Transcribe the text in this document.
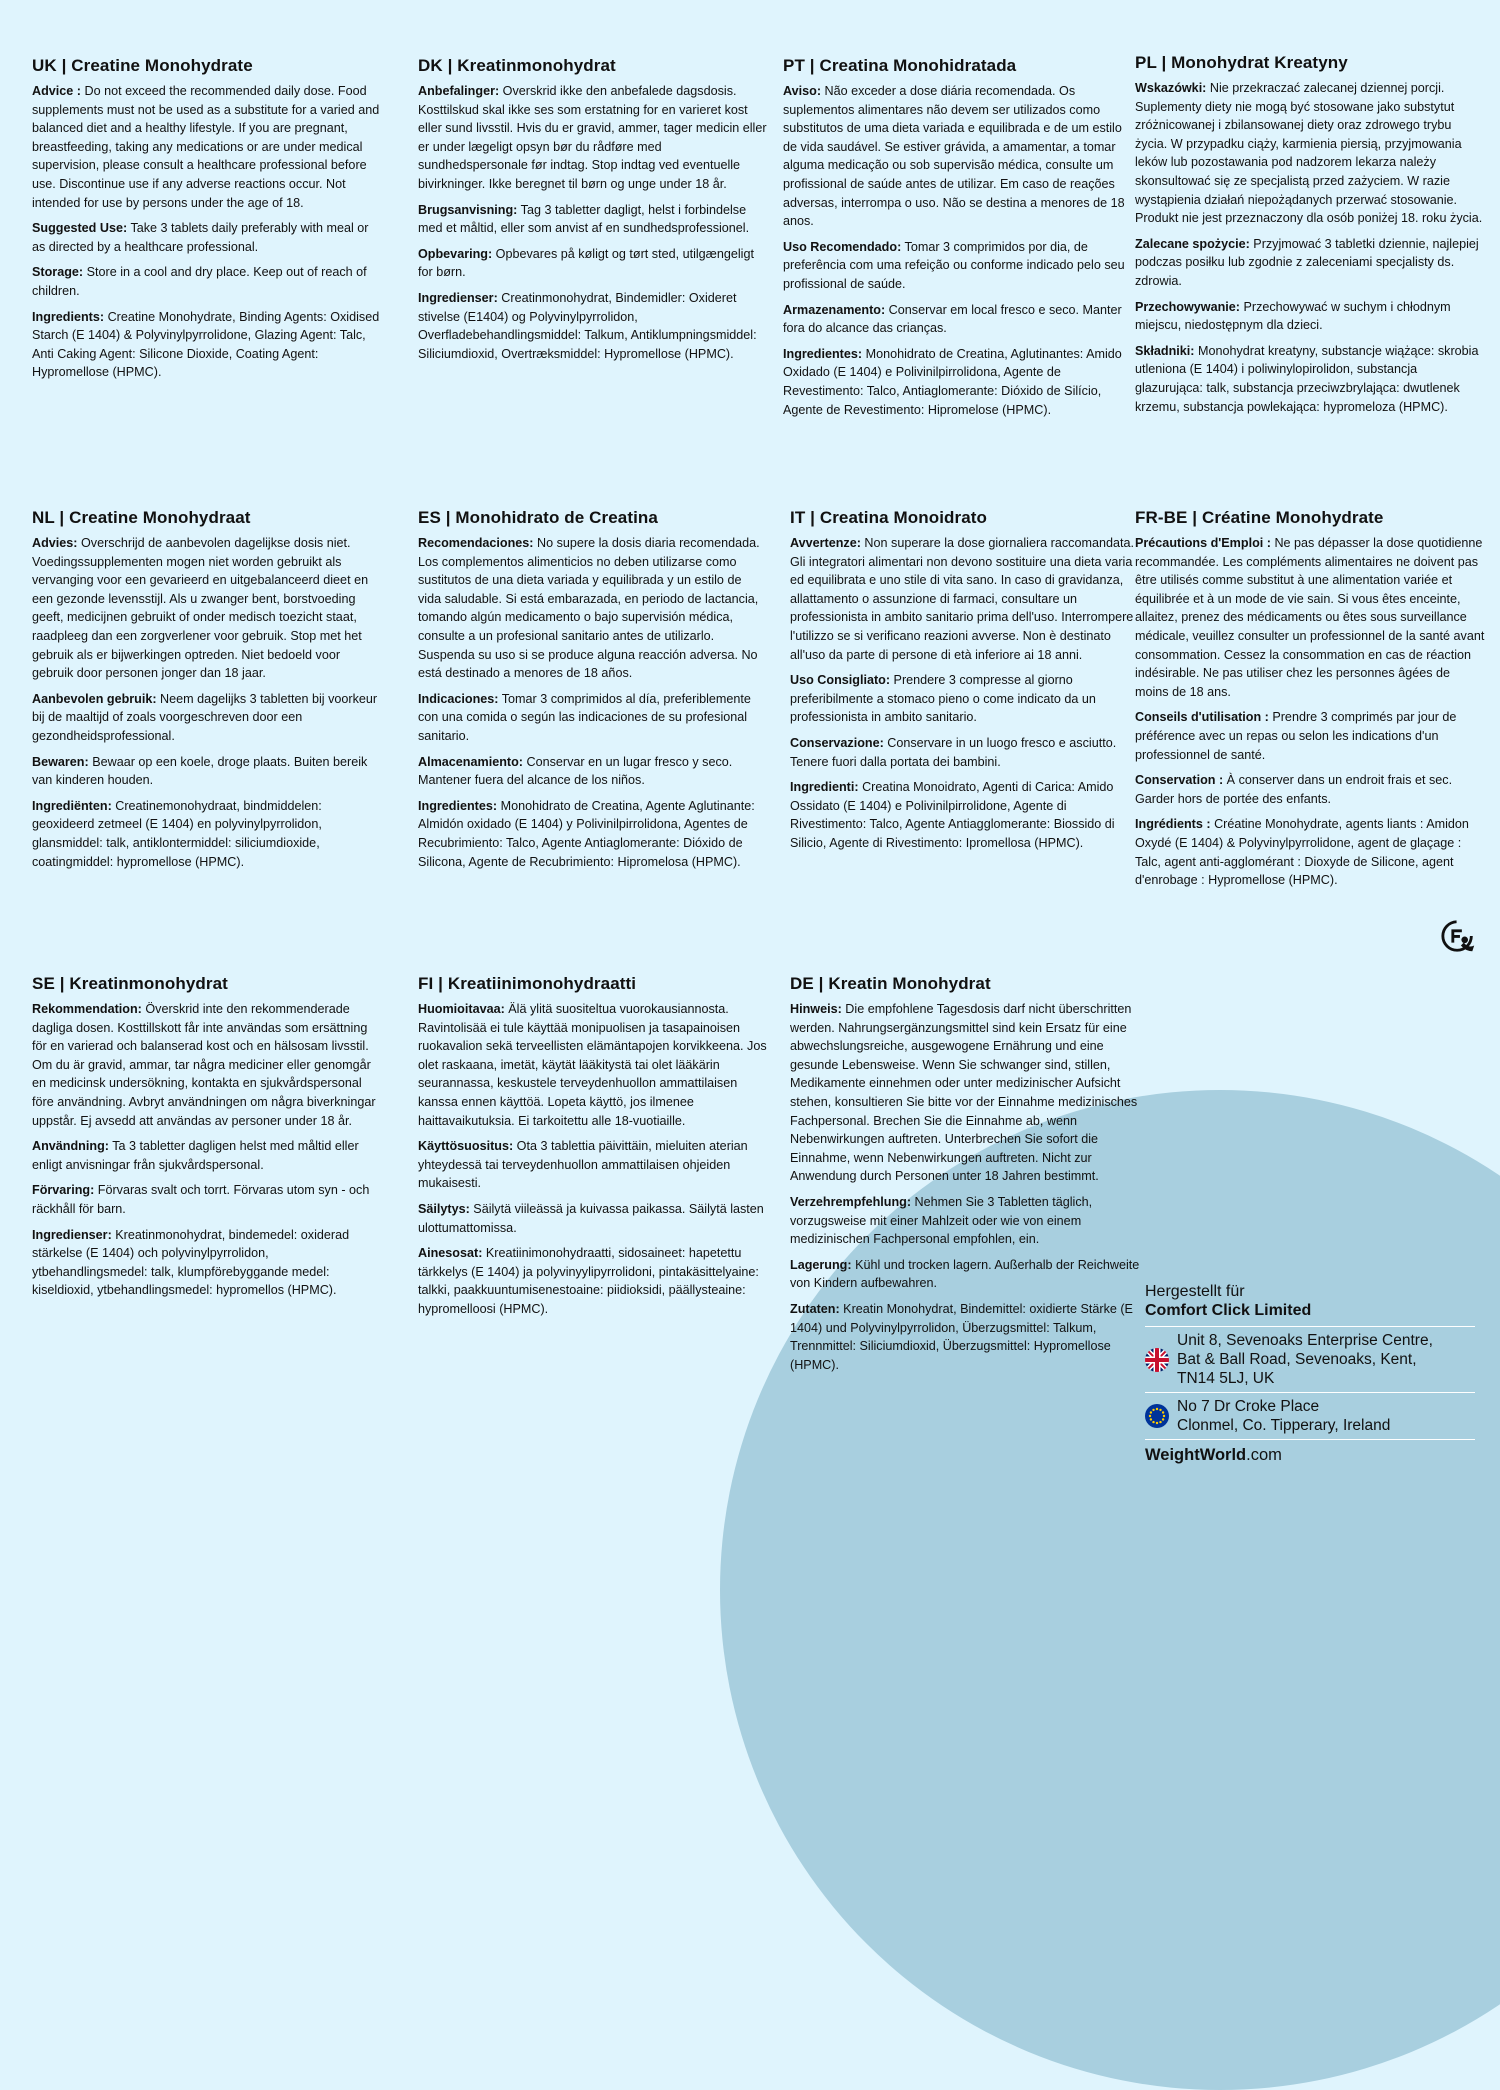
UK | Creatine Monohydrate

Advice : Do not exceed the recommended daily dose. Food supplements must not be used as a substitute for a varied and balanced diet and a healthy lifestyle. If you are pregnant, breastfeeding, taking any medications or are under medical supervision, please consult a healthcare professional before use. Discontinue use if any adverse reactions occur. Not intended for use by persons under the age of 18.

Suggested Use: Take 3 tablets daily preferably with meal or as directed by a healthcare professional.

Storage: Store in a cool and dry place. Keep out of reach of children.

Ingredients: Creatine Monohydrate, Binding Agents: Oxidised Starch (E 1404) & Polyvinylpyrrolidone, Glazing Agent: Talc, Anti Caking Agent: Silicone Dioxide, Coating Agent: Hypromellose (HPMC).

DK | Kreatinmonohydrat

Anbefalinger: Overskrid ikke den anbefalede dagsdosis. Kosttilskud skal ikke ses som erstatning for en varieret kost eller sund livsstil. Hvis du er gravid, ammer, tager medicin eller er under lægeligt opsyn bør du rådføre med sundhedspersonale før indtag. Stop indtag ved eventuelle bivirkninger. Ikke beregnet til børn og unge under 18 år.

Brugsanvisning: Tag 3 tabletter dagligt, helst i forbindelse med et måltid, eller som anvist af en sundhedsprofessionel.

Opbevaring: Opbevares på køligt og tørt sted, utilgængeligt for børn.

Ingredienser: Creatinmonohydrat, Bindemidler: Oxideret stivelse (E1404) og Polyvinylpyrrolidon, Overfladebehandlingsmiddel: Talkum, Antiklumpningsmiddel: Siliciumdioxid, Overtræksmiddel: Hypromellose (HPMC).

PT | Creatina Monohidratada

Aviso: Não exceder a dose diária recomendada. Os suplementos alimentares não devem ser utilizados como substitutos de uma dieta variada e equilibrada e de um estilo de vida saudável. Se estiver grávida, a amamentar, a tomar alguma medicação ou sob supervisão médica, consulte um profissional de saúde antes de utilizar. Em caso de reações adversas, interrompa o uso. Não se destina a menores de 18 anos.

Uso Recomendado: Tomar 3 comprimidos por dia, de preferência com uma refeição ou conforme indicado pelo seu profissional de saúde.

Armazenamento: Conservar em local fresco e seco. Manter fora do alcance das crianças.

Ingredientes: Monohidrato de Creatina, Aglutinantes: Amido Oxidado (E 1404) e Polivinilpirrolidona, Agente de Revestimento: Talco, Antiaglomerante: Dióxido de Silício, Agente de Revestimento: Hipromelose (HPMC).

PL | Monohydrat Kreatyny

Wskazówki: Nie przekraczać zalecanej dziennej porcji. Suplementy diety nie mogą być stosowane jako substytut zróżnicowanej i zbilansowanej diety oraz zdrowego trybu życia. W przypadku ciąży, karmienia piersią, przyjmowania leków lub pozostawania pod nadzorem lekarza należy skonsultować się ze specjalistą przed zażyciem. W razie wystąpienia działań niepożądanych przerwać stosowanie. Produkt nie jest przeznaczony dla osób poniżej 18. roku życia.

Zalecane spożycie: Przyjmować 3 tabletki dziennie, najlepiej podczas posiłku lub zgodnie z zaleceniami specjalisty ds. zdrowia.

Przechowywanie: Przechowywać w suchym i chłodnym miejscu, niedostępnym dla dzieci.

Składniki: Monohydrat kreatyny, substancje wiążące: skrobia utleniona (E 1404) i poliwinylopirolidon, substancja glazurująca: talk, substancja przeciwzbrylająca: dwutlenek krzemu, substancja powlekająca: hypromeloza (HPMC).

NL | Creatine Monohydraat

Advies: Overschrijd de aanbevolen dagelijkse dosis niet. Voedingssupplementen mogen niet worden gebruikt als vervanging voor een gevarieerd en uitgebalanceerd dieet en een gezonde levensstijl. Als u zwanger bent, borstvoeding geeft, medicijnen gebruikt of onder medisch toezicht staat, raadpleeg dan een zorgverlener voor gebruik. Stop met het gebruik als er bijwerkingen optreden. Niet bedoeld voor gebruik door personen jonger dan 18 jaar.

Aanbevolen gebruik: Neem dagelijks 3 tabletten bij voorkeur bij de maaltijd of zoals voorgeschreven door een gezondheidsprofessional.

Bewaren: Bewaar op een koele, droge plaats. Buiten bereik van kinderen houden.

Ingrediënten: Creatinemonohydraat, bindmiddelen: geoxideerd zetmeel (E 1404) en polyvinylpyrrolidon, glansmiddel: talk, antiklontermiddel: siliciumdioxide, coatingmiddel: hypromellose (HPMC).

ES | Monohidrato de Creatina

Recomendaciones: No supere la dosis diaria recomendada. Los complementos alimenticios no deben utilizarse como sustitutos de una dieta variada y equilibrada y un estilo de vida saludable. Si está embarazada, en periodo de lactancia, tomando algún medicamento o bajo supervisión médica, consulte a un profesional sanitario antes de utilizarlo. Suspenda su uso si se produce alguna reacción adversa. No está destinado a menores de 18 años.

Indicaciones: Tomar 3 comprimidos al día, preferiblemente con una comida o según las indicaciones de su profesional sanitario.

Almacenamiento: Conservar en un lugar fresco y seco. Mantener fuera del alcance de los niños.

Ingredientes: Monohidrato de Creatina, Agente Aglutinante: Almidón oxidado (E 1404) y Polivinilpirrolidona, Agentes de Recubrimiento: Talco, Agente Antiaglomerante: Dióxido de Silicona, Agente de Recubrimiento: Hipromelosa (HPMC).

IT | Creatina Monoidrato

Avvertenze: Non superare la dose giornaliera raccomandata. Gli integratori alimentari non devono sostituire una dieta varia ed equilibrata e uno stile di vita sano. In caso di gravidanza, allattamento o assunzione di farmaci, consultare un professionista in ambito sanitario prima dell'uso. Interrompere l'utilizzo se si verificano reazioni avverse. Non è destinato all'uso da parte di persone di età inferiore ai 18 anni.

Uso Consigliato: Prendere 3 compresse al giorno preferibilmente a stomaco pieno o come indicato da un professionista in ambito sanitario.

Conservazione: Conservare in un luogo fresco e asciutto. Tenere fuori dalla portata dei bambini.

Ingredienti: Creatina Monoidrato, Agenti di Carica: Amido Ossidato (E 1404) e Polivinilpirrolidone, Agente di Rivestimento: Talco, Agente Antiagglomerante: Biossido di Silicio, Agente di Rivestimento: Ipromellosa (HPMC).

FR-BE | Créatine Monohydrate

Précautions d'Emploi : Ne pas dépasser la dose quotidienne recommandée. Les compléments alimentaires ne doivent pas être utilisés comme substitut à une alimentation variée et équilibrée et à un mode de vie sain. Si vous êtes enceinte, allaitez, prenez des médicaments ou êtes sous surveillance médicale, veuillez consulter un professionnel de la santé avant consommation. Cessez la consommation en cas de réaction indésirable. Ne pas utiliser chez les personnes âgées de moins de 18 ans.

Conseils d'utilisation : Prendre 3 comprimés par jour de préférence avec un repas ou selon les indications d'un professionnel de santé.

Conservation : À conserver dans un endroit frais et sec. Garder hors de portée des enfants.

Ingrédients : Créatine Monohydrate, agents liants : Amidon Oxydé (E 1404) & Polyvinylpyrrolidone, agent de glaçage : Talc, agent anti-agglomérant : Dioxyde de Silicone, agent d'enrobage : Hypromellose (HPMC).

SE | Kreatinmonohydrat

Rekommendation: Överskrid inte den rekommenderade dagliga dosen. Kosttillskott får inte användas som ersättning för en varierad och balanserad kost och en hälsosam livsstil. Om du är gravid, ammar, tar några mediciner eller genomgår en medicinsk undersökning, kontakta en sjukvårdspersonal före användning. Avbryt användningen om några biverkningar uppstår. Ej avsedd att användas av personer under 18 år.

Användning: Ta 3 tabletter dagligen helst med måltid eller enligt anvisningar från sjukvårdspersonal.

Förvaring: Förvaras svalt och torrt. Förvaras utom syn - och räckhåll för barn.

Ingredienser: Kreatinmonohydrat, bindemedel: oxiderad stärkelse (E 1404) och polyvinylpyrrolidon, ytbehandlingsmedel: talk, klumpförebyggande medel: kiseldioxid, ytbehandlingsmedel: hypromellos (HPMC).

FI | Kreatiinimonohydraatti

Huomioitavaa: Älä ylitä suositeltua vuorokausiannosta. Ravintolisää ei tule käyttää monipuolisen ja tasapainoisen ruokavalion sekä terveellisten elämäntapojen korvikkeena. Jos olet raskaana, imetät, käytät lääkitystä tai olet lääkärin seurannassa, keskustele terveydenhuollon ammattilaisen kanssa ennen käyttöä. Lopeta käyttö, jos ilmenee haittavaikutuksia. Ei tarkoitettu alle 18-vuotiaille.

Käyttösuositus: Ota 3 tablettia päivittäin, mieluiten aterian yhteydessä tai terveydenhuollon ammattilaisen ohjeiden mukaisesti.

Säilytys: Säilytä viileässä ja kuivassa paikassa. Säilytä lasten ulottumattomissa.

Ainesosat: Kreatiinimonohydraatti, sidosaineet: hapetettu tärkkelys (E 1404) ja polyvinyylipyrrolidoni, pintakäsittelyaine: talkki, paakkuuntumisenestoaine: piidioksidi, päällysteaine: hypromelloosi (HPMC).

DE | Kreatin Monohydrat

Hinweis: Die empfohlene Tagesdosis darf nicht überschritten werden. Nahrungsergänzungsmittel sind kein Ersatz für eine abwechslungsreiche, ausgewogene Ernährung und eine gesunde Lebensweise. Wenn Sie schwanger sind, stillen, Medikamente einnehmen oder unter medizinischer Aufsicht stehen, konsultieren Sie bitte vor der Einnahme medizinisches Fachpersonal. Brechen Sie die Einnahme ab, wenn Nebenwirkungen auftreten. Unterbrechen Sie sofort die Einnahme, wenn Nebenwirkungen auftreten. Nicht zur Anwendung durch Personen unter 18 Jahren bestimmt.

Verzehrempfehlung: Nehmen Sie 3 Tabletten täglich, vorzugsweise mit einer Mahlzeit oder wie von einem medizinischen Fachpersonal empfohlen, ein.

Lagerung: Kühl und trocken lagern. Außerhalb der Reichweite von Kindern aufbewahren.

Zutaten: Kreatin Monohydrat, Bindemittel: oxidierte Stärke (E 1404) und Polyvinylpyrrolidon, Überzugsmittel: Talkum, Trennmittel: Siliciumdioxid, Überzugsmittel: Hypromellose (HPMC).

Hergestellt für
Comfort Click Limited
Unit 8, Sevenoaks Enterprise Centre,
Bat & Ball Road, Sevenoaks, Kent,
TN14 5LJ, UK
No 7 Dr Croke Place
Clonmel, Co. Tipperary, Ireland
WeightWorld.com
